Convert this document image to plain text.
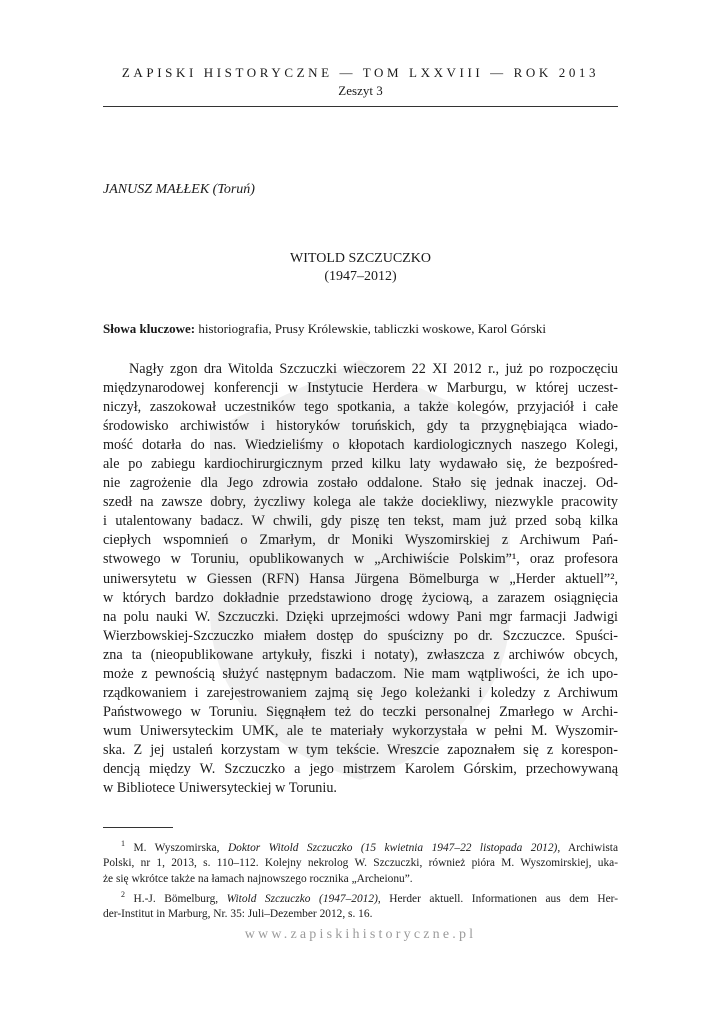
ZAPISKI HISTORYCZNE — TOM LXXVIII — ROK 2013
Zeszyt 3
JANUSZ MAŁŁEK (Toruń)
WITOLD SZCZUCZKO
(1947–2012)
Słowa kluczowe: historiografia, Prusy Królewskie, tabliczki woskowe, Karol Górski
Nagły zgon dra Witolda Szczuczki wieczorem 22 XI 2012 r., już po rozpoczęciu
międzynarodowej konferencji w Instytucie Herdera w Marburgu, w której uczest-
niczył, zaszokował uczestników tego spotkania, a także kolegów, przyjaciół i całe
środowisko archiwistów i historyków toruńskich, gdy ta przygnębiająca wiado-
mość dotarła do nas. Wiedzieliśmy o kłopotach kardiologicznych naszego Kolegi,
ale po zabiegu kardiochirurgicznym przed kilku laty wydawało się, że bezpośred-
nie zagrożenie dla Jego zdrowia zostało oddalone. Stało się jednak inaczej. Od-
szedł na zawsze dobry, życzliwy kolega ale także dociekliwy, niezwykle pracowity
i utalentowany badacz. W chwili, gdy piszę ten tekst, mam już przed sobą kilka
ciepłych wspomnień o Zmarłym, dr Moniki Wyszomirskiej z Archiwum Pań-
stwowego w Toruniu, opublikowanych w „Archiwiście Polskim”¹, oraz profesora
uniwersytetu w Giessen (RFN) Hansa Jürgena Bömelburga w „Herder aktuell”²,
w których bardzo dokładnie przedstawiono drogę życiową, a zarazem osiągnięcia
na polu nauki W. Szczuczki. Dzięki uprzejmości wdowy Pani mgr farmacji Jadwigi
Wierzbowskiej-Szczuczko miałem dostęp do spuścizny po dr. Szczuczce. Spuści-
zna ta (nieopublikowane artykuły, fiszki i notaty), zwłaszcza z archiwów obcych,
może z pewnością służyć następnym badaczom. Nie mam wątpliwości, że ich upo-
rządkowaniem i zarejestrowaniem zajmą się Jego koleżanki i koledzy z Archiwum
Państwowego w Toruniu. Sięgnąłem też do teczki personalnej Zmarłego w Archi-
wum Uniwersyteckim UMK, ale te materiały wykorzystała w pełni M. Wyszomir-
ska. Z jej ustaleń korzystam w tym tekście. Wreszcie zapoznałem się z korespon-
dencją między W. Szczuczko a jego mistrzem Karolem Górskim, przechowywaną
w Bibliotece Uniwersyteckiej w Toruniu.
$^1$ M. Wyszomirska, Doktor Witold Szczuczko (15 kwietnia 1947–22 listopada 2012), Archiwista
Polski, nr 1, 2013, s. 110–112. Kolejny nekrolog W. Szczuczki, również pióra M. Wyszomirskiej, uka-
że się wkrótce także na łamach najnowszego rocznika „Archeionu”.
$^2$ H.-J. Bömelburg, Witold Szczuczko (1947–2012), Herder aktuell. Informationen aus dem Her-
der-Institut in Marburg, Nr. 35: Juli–Dezember 2012, s. 16.
www.zapiskihistoryczne.pl
